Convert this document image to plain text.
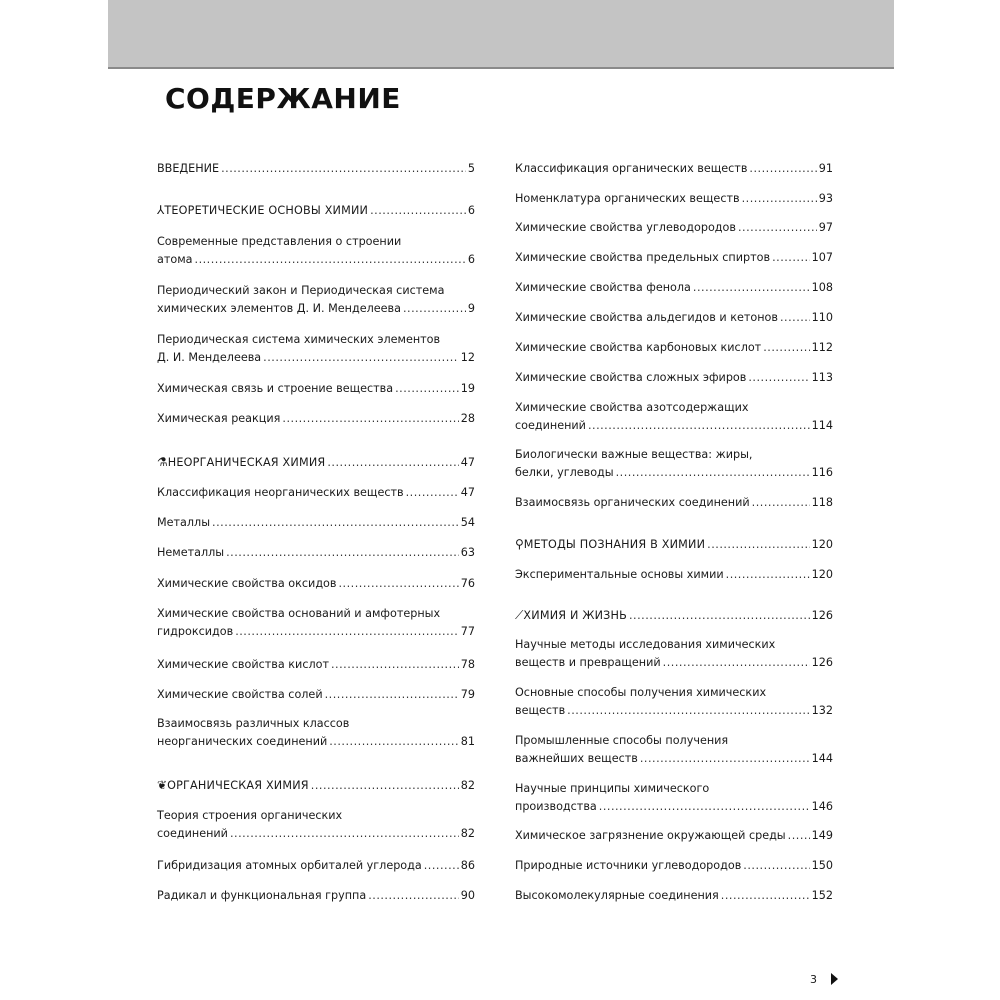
СОДЕРЖАНИЕ
ВВЕДЕНИЕ .....	5
⅄ ТЕОРЕТИЧЕСКИЕ ОСНОВЫ ХИМИИ .....	6
Современные представления о строении
атома .....	6
Периодический закон и Периодическая система
химических элементов Д. И. Менделеева .....	9
Периодическая система химических элементов
Д. И. Менделеева .....	12
Химическая связь и строение вещества .....	19
Химическая реакция .....	28
⚗ НЕОРГАНИЧЕСКАЯ ХИМИЯ .....	47
Классификация неорганических веществ .....	47
Металлы .....	54
Неметаллы .....	63
Химические свойства оксидов .....	76
Химические свойства оснований и амфотерных
гидроксидов .....	77
Химические свойства кислот .....	78
Химические свойства солей .....	79
Взаимосвязь различных классов
неорганических соединений .....	81
❦ ОРГАНИЧЕСКАЯ ХИМИЯ .....	82
Теория строения органических
соединений .....	82
Гибридизация атомных орбиталей углерода .....	86
Радикал и функциональная группа .....	90
Классификация органических веществ .....	91
Номенклатура органических веществ .....	93
Химические свойства углеводородов .....	97
Химические свойства предельных спиртов .....	107
Химические свойства фенола .....	108
Химические свойства альдегидов и кетонов .....	110
Химические свойства карбоновых кислот .....	112
Химические свойства сложных эфиров .....	113
Химические свойства азотсодержащих
соединений .....	114
Биологически важные вещества: жиры,
белки, углеводы .....	116
Взаимосвязь органических соединений .....	118
⚲ МЕТОДЫ ПОЗНАНИЯ В ХИМИИ .....	120
Экспериментальные основы химии .....	120
⟋ ХИМИЯ И ЖИЗНЬ .....	126
Научные методы исследования химических
веществ и превращений .....	126
Основные способы получения химических
веществ .....	132
Промышленные способы получения
важнейших веществ .....	144
Научные принципы химического
производства .....	146
Химическое загрязнение окружающей среды ..... 149
Природные источники углеводородов .....	150
Высокомолекулярные соединения .....	152
3
